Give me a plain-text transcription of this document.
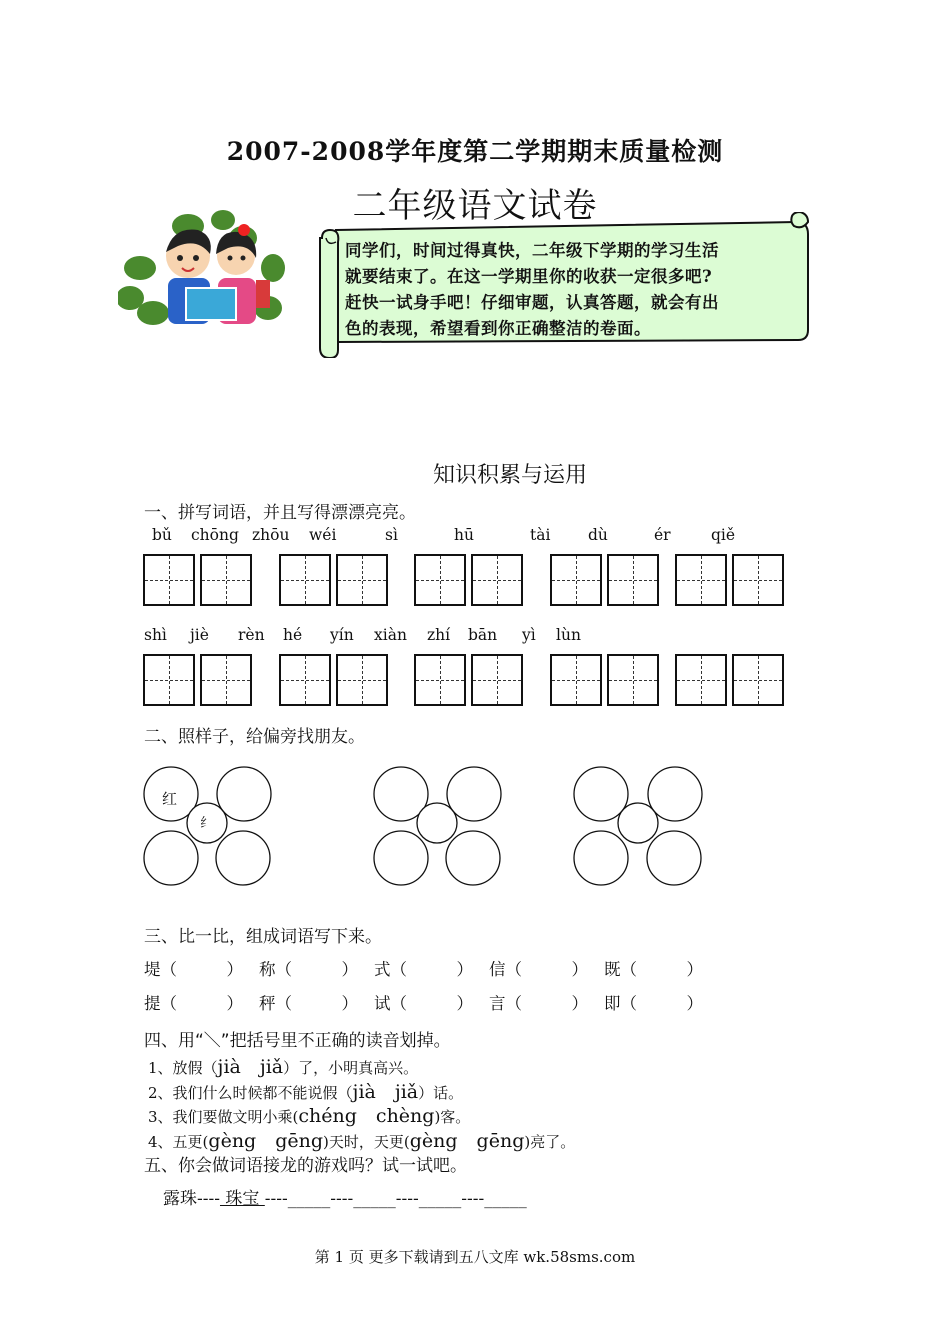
2007-2008学年度第二学期期末质量检测
二年级语文试卷
同学们，时间过得真快，二年级下学期的学习生活
就要结束了。在这一学期里你的收获一定很多吧?
赶快一试身手吧！仔细审题，认真答题，就会有出
色的表现，希望看到你正确整洁的卷面。
知识积累与运用
一、拼写词语，并且写得漂漂亮亮。
bǔ chōng zhōu wéi	sì	hū	tài dù	ér	qiě
shì jiè rèn hé yín xiàn zhí bān yì lùn
二、照样子，给偏旁找朋友。
红
纟
三、比一比，组成词语写下来。
堤（　　　） 称（　　　） 式（　　　） 信（　　　） 既（　　　）
提（　　　） 秤（　　　） 试（　　　） 言（　　　） 即（　　　）
四、用“＼”把括号里不正确的读音划掉。
1、放假（jià　jiǎ）了，小明真高兴。
2、我们什么时候都不能说假（jià　jiǎ）话。
3、我们要做文明小乘(chéng　chèng)客。
4、五更(gèng　gēng)天时，天更(gèng　gēng)亮了。
五、你会做词语接龙的游戏吗？试一试吧。
露珠---- 珠宝 ----_____----_____----_____----_____
第 1 页 更多下载请到五八文库 wk.58sms.com
